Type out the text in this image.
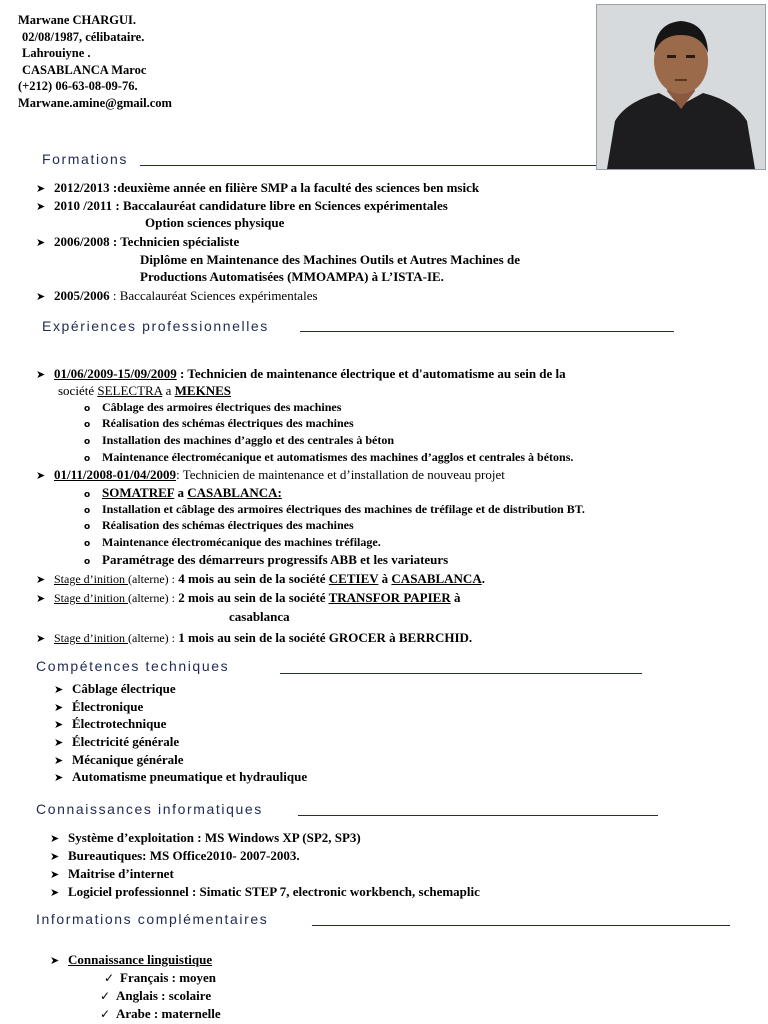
Marwane CHARGUI.
02/08/1987, célibataire.
Lahrouiyne .
CASABLANCA Maroc
(+212) 06-63-08-09-76.
Marwane.amine@gmail.com
Formations
➤ 2012/2013 :deuxième année en filière SMP a la faculté des sciences ben msick
➤ 2010 /2011 : Baccalauréat candidature libre en Sciences expérimentales
Option sciences physique
➤ 2006/2008 : Technicien spécialiste
Diplôme en Maintenance des Machines Outils et Autres Machines de
Productions Automatisées (MMOAMPA) à L’ISTA-IE.
➤ 2005/2006 : Baccalauréat Sciences expérimentales
Expériences professionnelles
➤ 01/06/2009-15/09/2009 : Technicien de maintenance électrique et d'automatisme au sein de la
société SELECTRA a MEKNES
o Câblage des armoires électriques des machines
o Réalisation des schémas électriques des machines
o Installation des machines d’agglo et des centrales à béton
o Maintenance électromécanique et automatismes des machines d’agglos et centrales à bétons.
➤ 01/11/2008-01/04/2009: Technicien de maintenance et d’installation de nouveau projet
o SOMATREF a CASABLANCA:
o Installation et câblage des armoires électriques des machines de tréfilage et de distribution BT.
o Réalisation des schémas électriques des machines
o Maintenance électromécanique des machines tréfilage.
o Paramétrage des démarreurs progressifs ABB et les variateurs
➤ Stage d’inition (alterne) : 4 mois au sein de la société CETIEV à CASABLANCA.
➤ Stage d’inition (alterne) : 2 mois au sein de la société TRANSFOR PAPIER à
casablanca
➤ Stage d’inition (alterne) : 1 mois au sein de la société GROCER à BERRCHID.
Compétences techniques
➤ Câblage électrique
➤ Électronique
➤ Électrotechnique
➤ Électricité générale
➤ Mécanique générale
➤ Automatisme pneumatique et hydraulique
Connaissances informatiques
➤ Système d’exploitation : MS Windows XP (SP2, SP3)
➤ Bureautiques: MS Office2010- 2007-2003.
➤ Maitrise d’internet
➤ Logiciel professionnel : Simatic STEP 7, electronic workbench, schemaplic
Informations complémentaires
➤ Connaissance linguistique
✓ Français : moyen
✓ Anglais : scolaire
✓ Arabe : maternelle
